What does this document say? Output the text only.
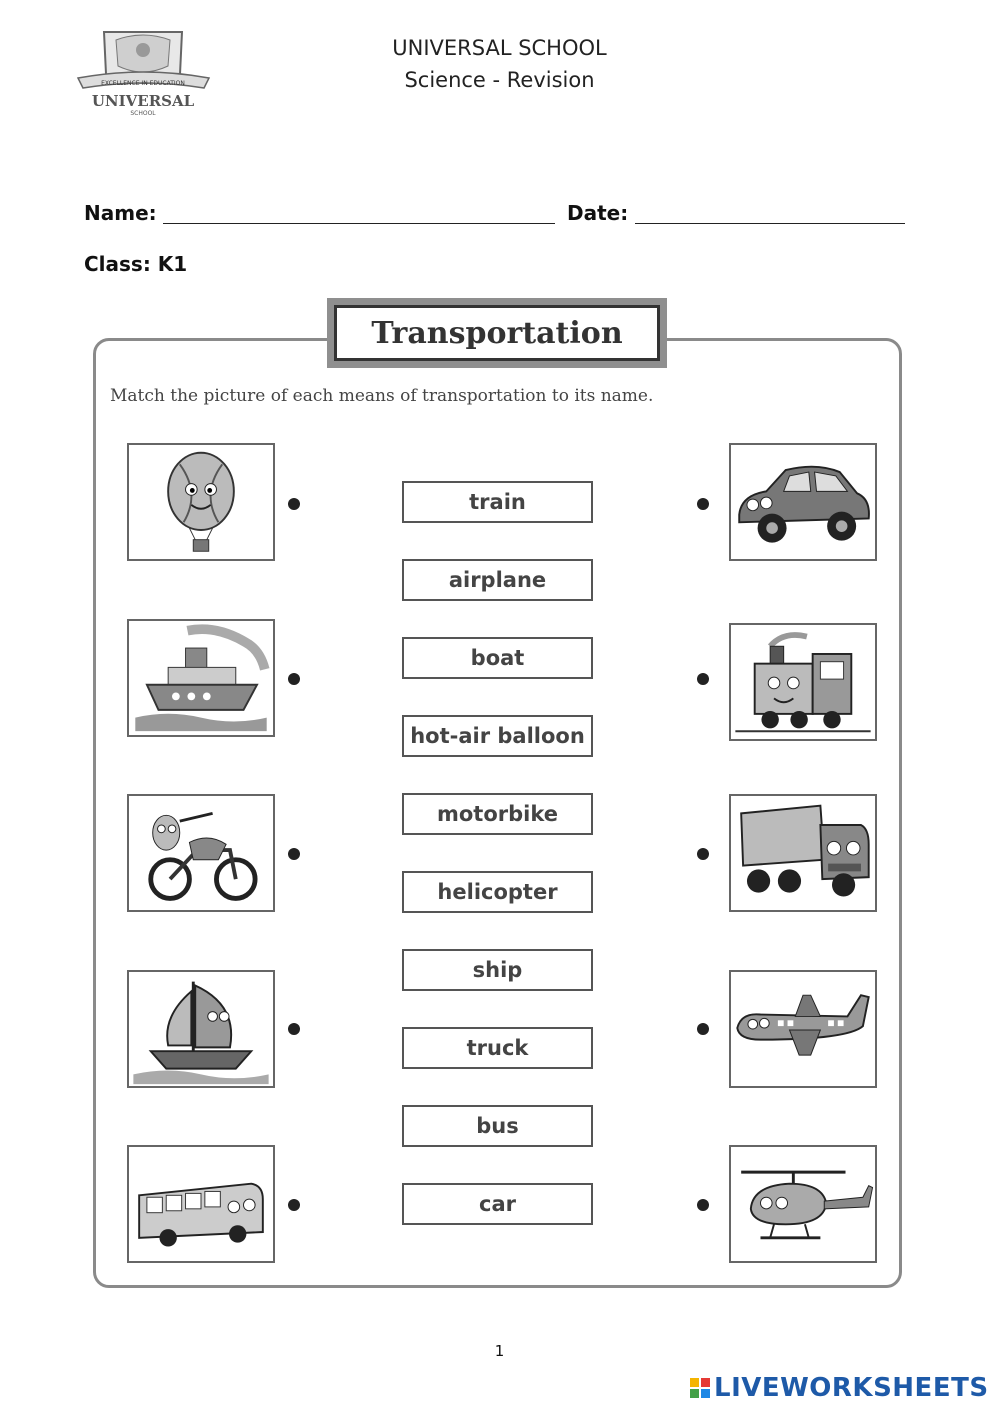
EXCELLENCE IN EDUCATION
UNIVERSAL
SCHOOL
UNIVERSAL SCHOOL
Science - Revision
Name:	Date:
Class: K1
Transportation
Match the picture of each means of transportation to its name.
train
airplane
boat
hot-air balloon
motorbike
helicopter
ship
truck
bus
car
1
LIVEWORKSHEETS
